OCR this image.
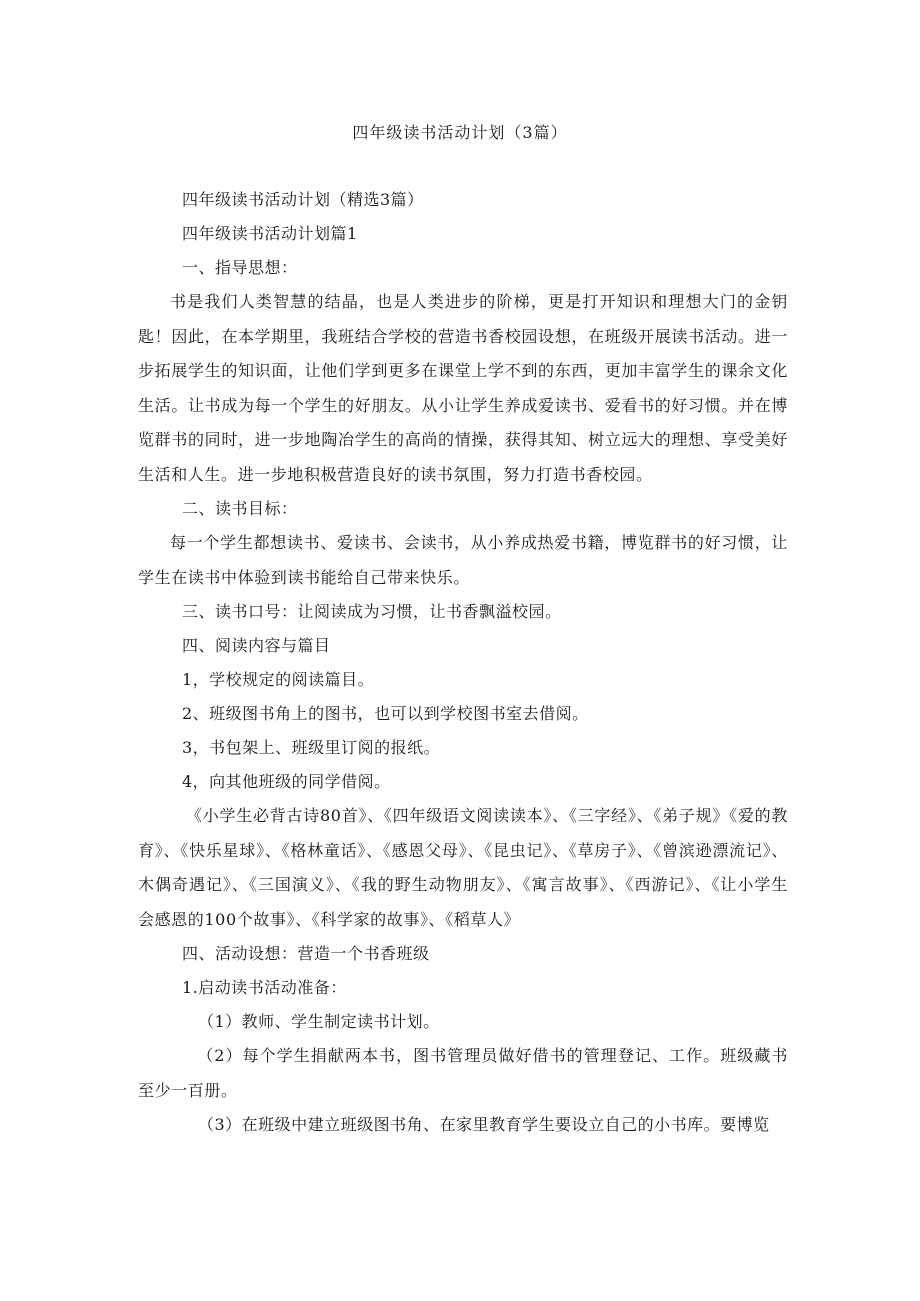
四年级读书活动计划（3篇）
四年级读书活动计划（精选3篇）
四年级读书活动计划篇1
一、指导思想：

书是我们人类智慧的结晶，也是人类进步的阶梯，更是打开知识和理想大门的金钥匙！因此，在本学期里，我班结合学校的营造书香校园设想，在班级开展读书活动。进一步拓展学生的知识面，让他们学到更多在课堂上学不到的东西，更加丰富学生的课余文化生活。让书成为每一个学生的好朋友。从小让学生养成爱读书、爱看书的好习惯。并在博览群书的同时，进一步地陶冶学生的高尚的情操，获得其知、树立远大的理想、享受美好生活和人生。进一步地积极营造良好的读书氛围，努力打造书香校园。

二、读书目标：

每一个学生都想读书、爱读书、会读书，从小养成热爱书籍，博览群书的好习惯，让学生在读书中体验到读书能给自己带来快乐。

三、读书口号：让阅读成为习惯，让书香飘溢校园。
四、阅读内容与篇目
1，学校规定的阅读篇目。
2、班级图书角上的图书，也可以到学校图书室去借阅。
3，书包架上、班级里订阅的报纸。
4，向其他班级的同学借阅。

《小学生必背古诗80首》、《四年级语文阅读读本》、《三字经》、《弟子规》《爱的教育》、《快乐星球》、《格林童话》、《感恩父母》、《昆虫记》、《草房子》、《曾滨逊漂流记》、木偶奇遇记》、《三国演义》、《我的野生动物朋友》、《寓言故事》、《西游记》、《让小学生会感恩的100个故事》、《科学家的故事》、《稻草人》

四、活动设想：营造一个书香班级
1.启动读书活动准备：
（1）教师、学生制定读书计划。

（2）每个学生捐献两本书，图书管理员做好借书的管理登记、工作。班级藏书至少一百册。

（3）在班级中建立班级图书角、在家里教育学生要设立自己的小书库。要博览
